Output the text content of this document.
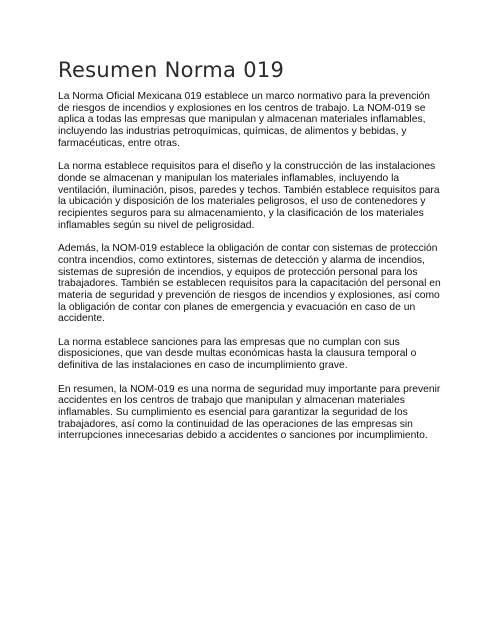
Resumen Norma 019

La Norma Oficial Mexicana 019 establece un marco normativo para la prevención de riesgos de incendios y explosiones en los centros de trabajo. La NOM-019 se aplica a todas las empresas que manipulan y almacenan materiales inflamables, incluyendo las industrias petroquímicas, químicas, de alimentos y bebidas, y farmacéuticas, entre otras.

La norma establece requisitos para el diseño y la construcción de las instalaciones donde se almacenan y manipulan los materiales inflamables, incluyendo la ventilación, iluminación, pisos, paredes y techos. También establece requisitos para la ubicación y disposición de los materiales peligrosos, el uso de contenedores y recipientes seguros para su almacenamiento, y la clasificación de los materiales inflamables según su nivel de peligrosidad.

Además, la NOM-019 establece la obligación de contar con sistemas de protección contra incendios, como extintores, sistemas de detección y alarma de incendios, sistemas de supresión de incendios, y equipos de protección personal para los trabajadores. También se establecen requisitos para la capacitación del personal en materia de seguridad y prevención de riesgos de incendios y explosiones, así como la obligación de contar con planes de emergencia y evacuación en caso de un accidente.

La norma establece sanciones para las empresas que no cumplan con sus disposiciones, que van desde multas económicas hasta la clausura temporal o definitiva de las instalaciones en caso de incumplimiento grave.

En resumen, la NOM-019 es una norma de seguridad muy importante para prevenir accidentes en los centros de trabajo que manipulan y almacenan materiales inflamables. Su cumplimiento es esencial para garantizar la seguridad de los trabajadores, así como la continuidad de las operaciones de las empresas sin interrupciones innecesarias debido a accidentes o sanciones por incumplimiento.
